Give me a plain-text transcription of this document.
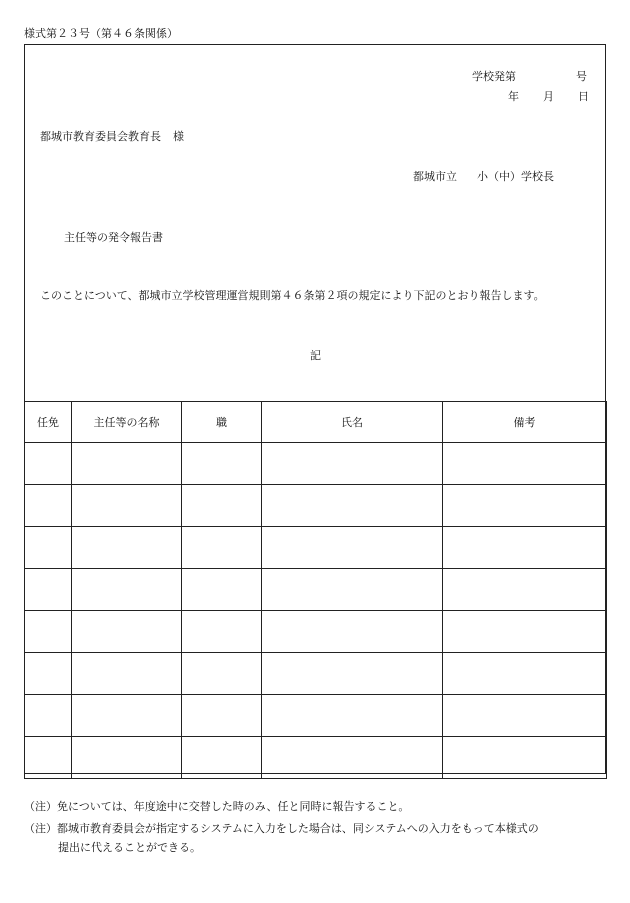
様式第２３号（第４６条関係）
学校発第	号
年 月 日
都城市教育委員会教育長 様
都城市立 小（中）学校長
主任等の発令報告書
このことについて、都城市立学校管理運営規則第４６条第２項の規定により下記のとおり報告します。
記
任免	主任等の名称	職	氏名	備考

（注）免については、年度途中に交替した時のみ、任と同時に報告すること。
（注）都城市教育委員会が指定するシステムに入力をした場合は、同システムへの入力をもって本様式の
提出に代えることができる。
